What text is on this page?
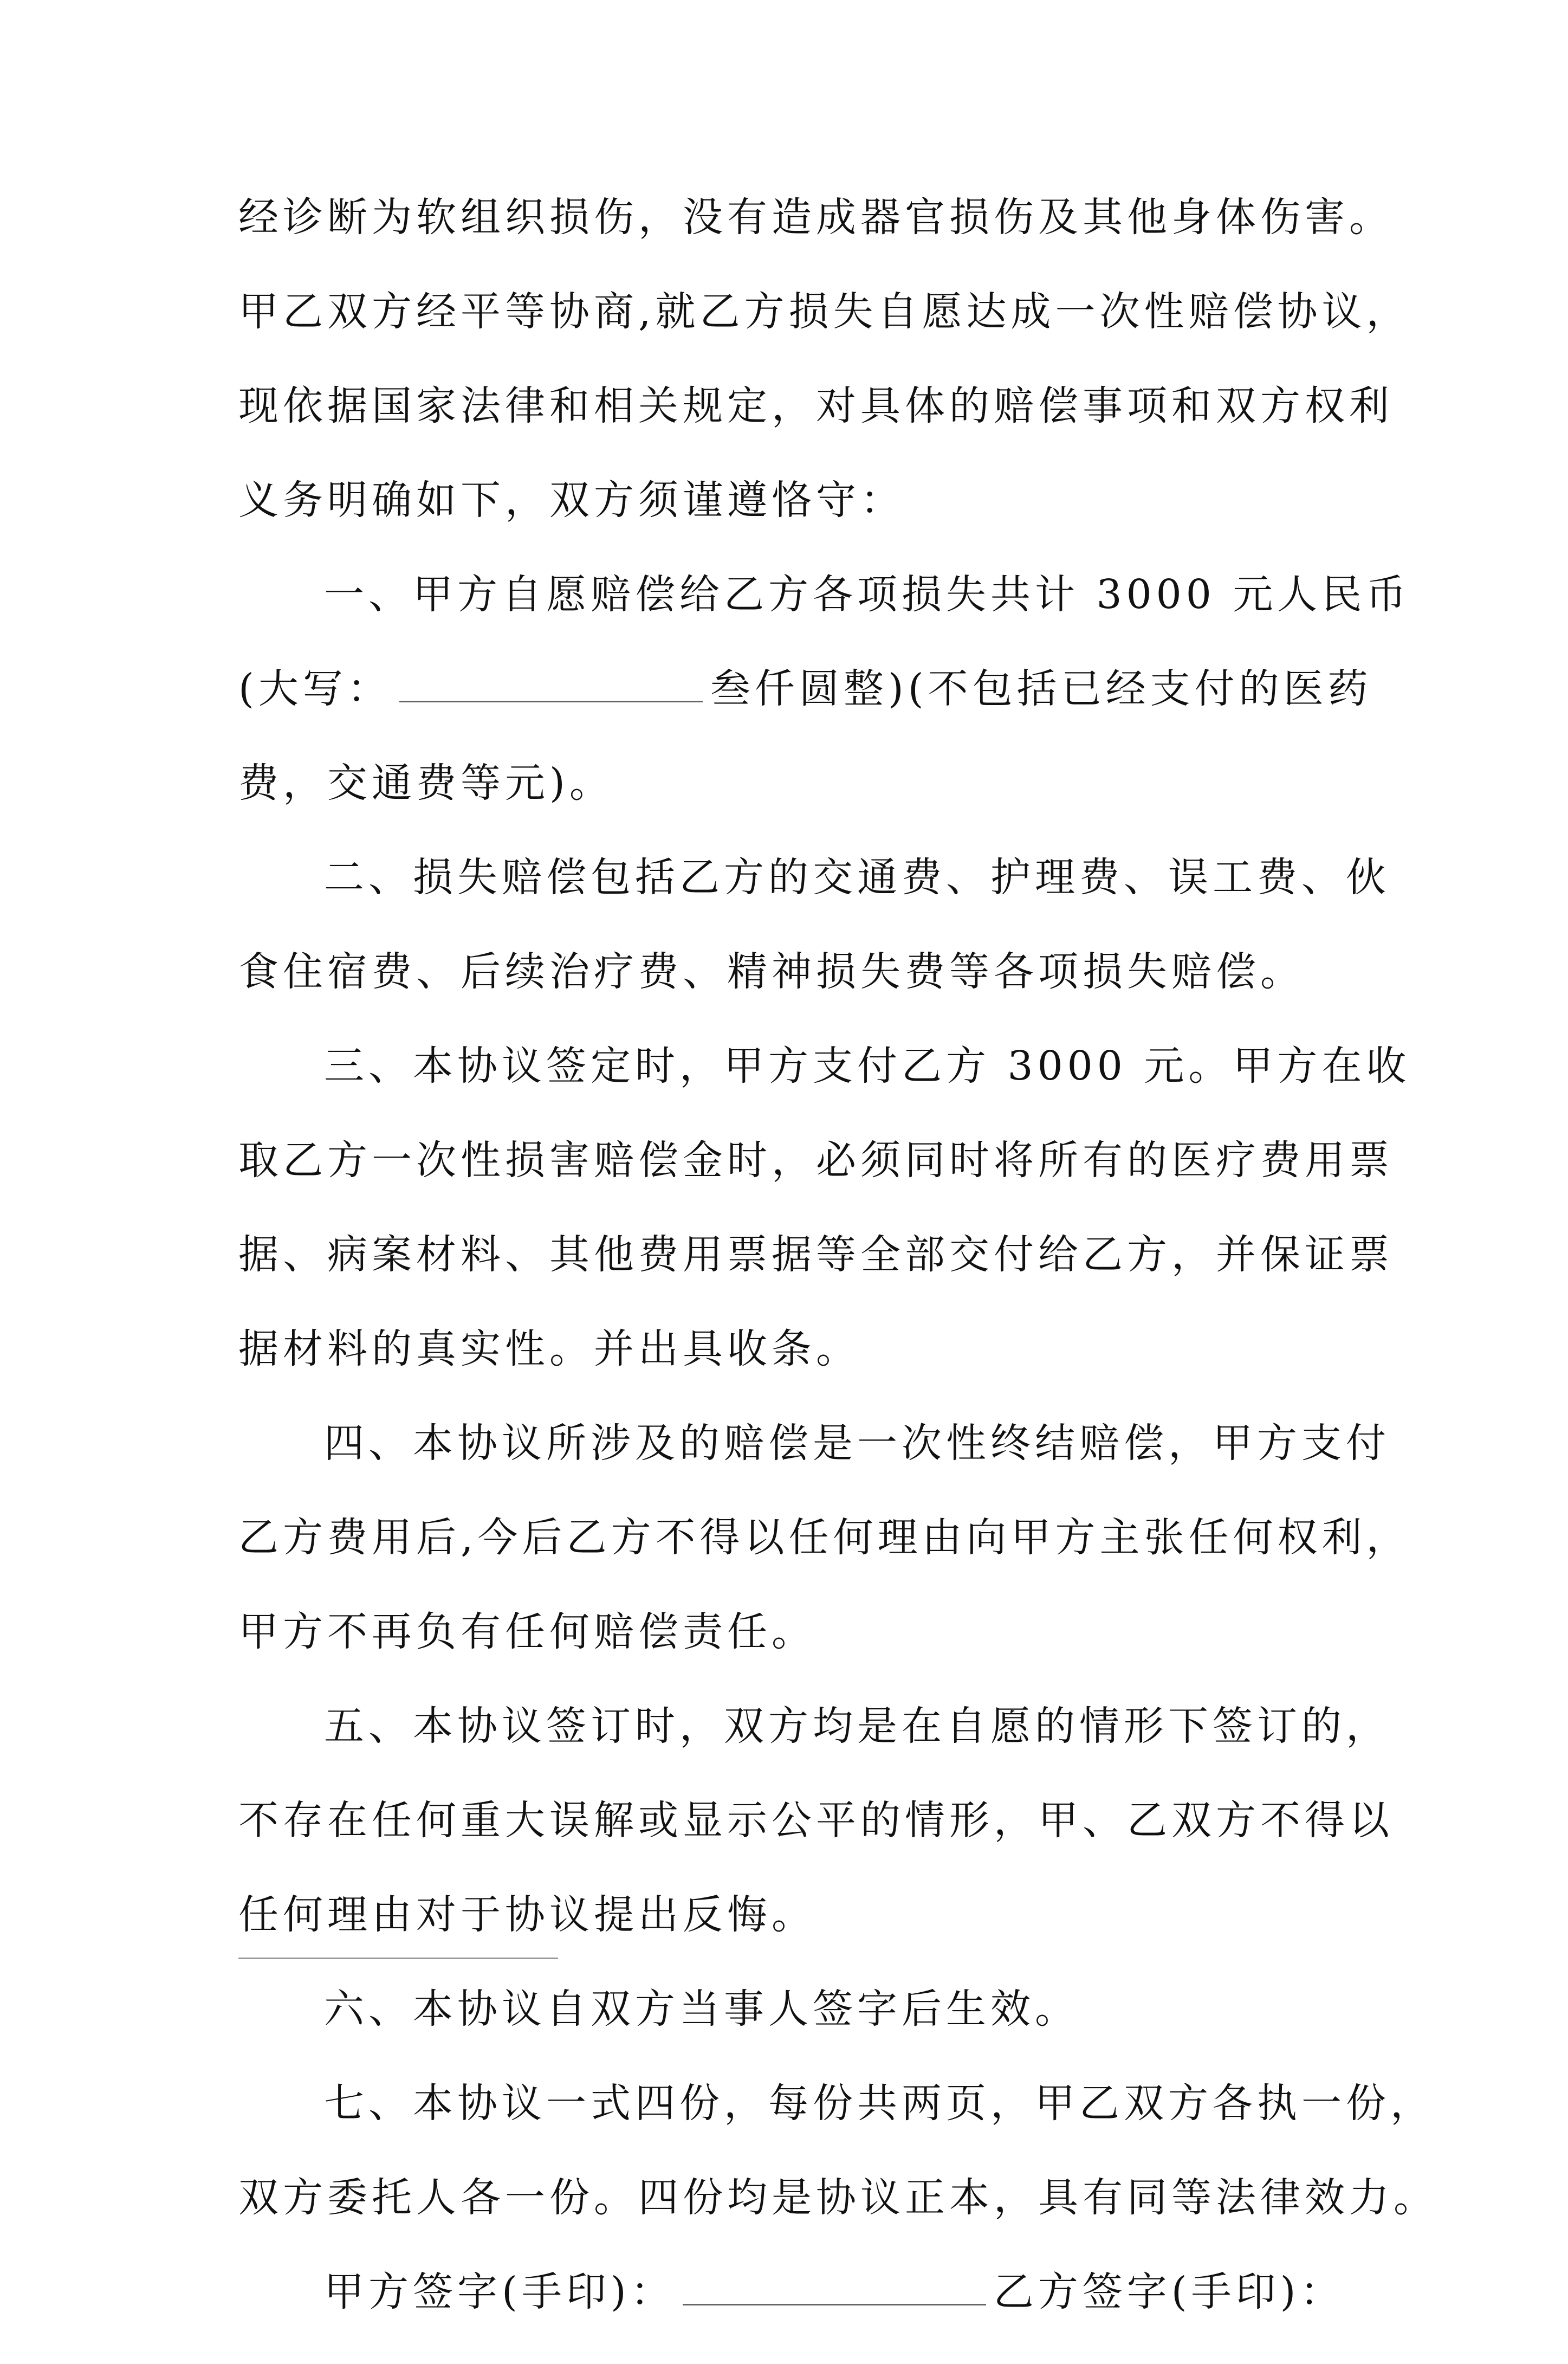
经诊断为软组织损伤，没有造成器官损伤及其他身体伤害。
甲乙双方经平等协商,就乙方损失自愿达成一次性赔偿协议，
现依据国家法律和相关规定，对具体的赔偿事项和双方权利
义务明确如下，双方须谨遵恪守：
一、甲方自愿赔偿给乙方各项损失共计 3000 元人民币
(大写：	叁仟圆整)(不包括已经支付的医药
费，交通费等元)。
二、损失赔偿包括乙方的交通费、护理费、误工费、伙
食住宿费、后续治疗费、精神损失费等各项损失赔偿。
三、本协议签定时，甲方支付乙方 3000 元。甲方在收
取乙方一次性损害赔偿金时，必须同时将所有的医疗费用票
据、病案材料、其他费用票据等全部交付给乙方，并保证票
据材料的真实性。并出具收条。
四、本协议所涉及的赔偿是一次性终结赔偿，甲方支付
乙方费用后,今后乙方不得以任何理由向甲方主张任何权利，
甲方不再负有任何赔偿责任。
五、本协议签订时，双方均是在自愿的情形下签订的，
不存在任何重大误解或显示公平的情形，甲、乙双方不得以
任何理由对于协议提出反悔。
六、本协议自双方当事人签字后生效。
七、本协议一式四份，每份共两页，甲乙双方各执一份，
双方委托人各一份。四份均是协议正本，具有同等法律效力。
甲方签字(手印)：	乙方签字(手印)：
